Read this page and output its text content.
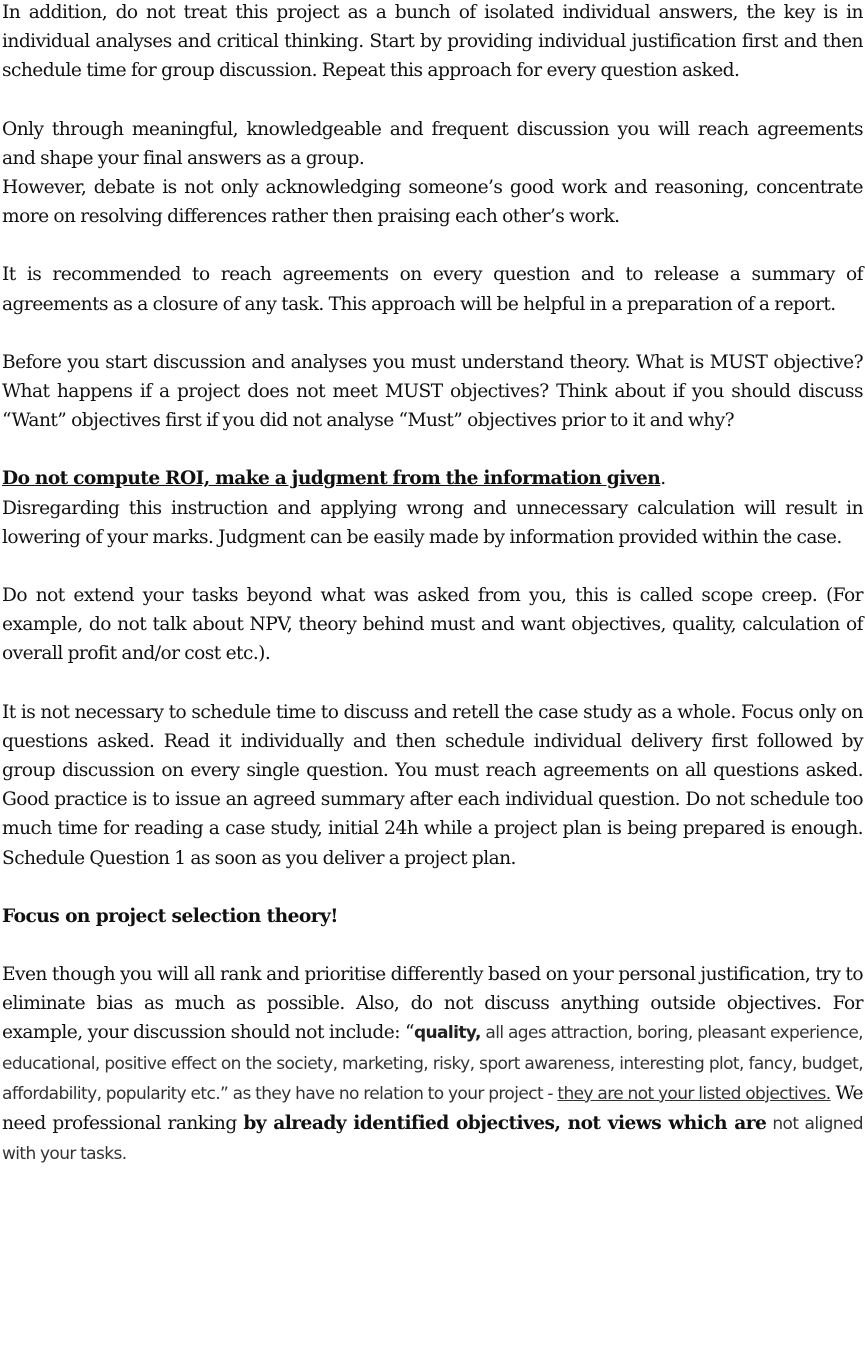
In addition, do not treat this project as a bunch of isolated individual answers, the key is in individual analyses and critical thinking. Start by providing individual justification first and then schedule time for group discussion. Repeat this approach for every question asked.

Only through meaningful, knowledgeable and frequent discussion you will reach agreements and shape your final answers as a group.

However, debate is not only acknowledging someone’s good work and reasoning, concentrate more on resolving differences rather then praising each other’s work.

It is recommended to reach agreements on every question and to release a summary of agreements as a closure of any task. This approach will be helpful in a preparation of a report.

Before you start discussion and analyses you must understand theory. What is MUST objective? What happens if a project does not meet MUST objectives? Think about if you should discuss “Want” objectives first if you did not analyse “Must” objectives prior to it and why?

Do not compute ROI, make a judgment from the information given.

Disregarding this instruction and applying wrong and unnecessary calculation will result in lowering of your marks. Judgment can be easily made by information provided within the case.

Do not extend your tasks beyond what was asked from you, this is called scope creep. (For example, do not talk about NPV, theory behind must and want objectives, quality, calculation of overall profit and/or cost etc.).

It is not necessary to schedule time to discuss and retell the case study as a whole. Focus only on questions asked. Read it individually and then schedule individual delivery first followed by group discussion on every single question. You must reach agreements on all questions asked. Good practice is to issue an agreed summary after each individual question. Do not schedule too much time for reading a case study, initial 24h while a project plan is being prepared is enough. Schedule Question 1 as soon as you deliver a project plan.

Focus on project selection theory!

Even though you will all rank and prioritise differently based on your personal justification, try to eliminate bias as much as possible. Also, do not discuss anything outside objectives. For example, your discussion should not include: “quality, all ages attraction, boring, pleasant experience, educational, positive effect on the society, marketing, risky, sport awareness, interesting plot, fancy, budget, affordability, popularity etc.” as they have no relation to your project - they are not your listed objectives. We need professional ranking by already identified objectives, not views which are not aligned with your tasks.
